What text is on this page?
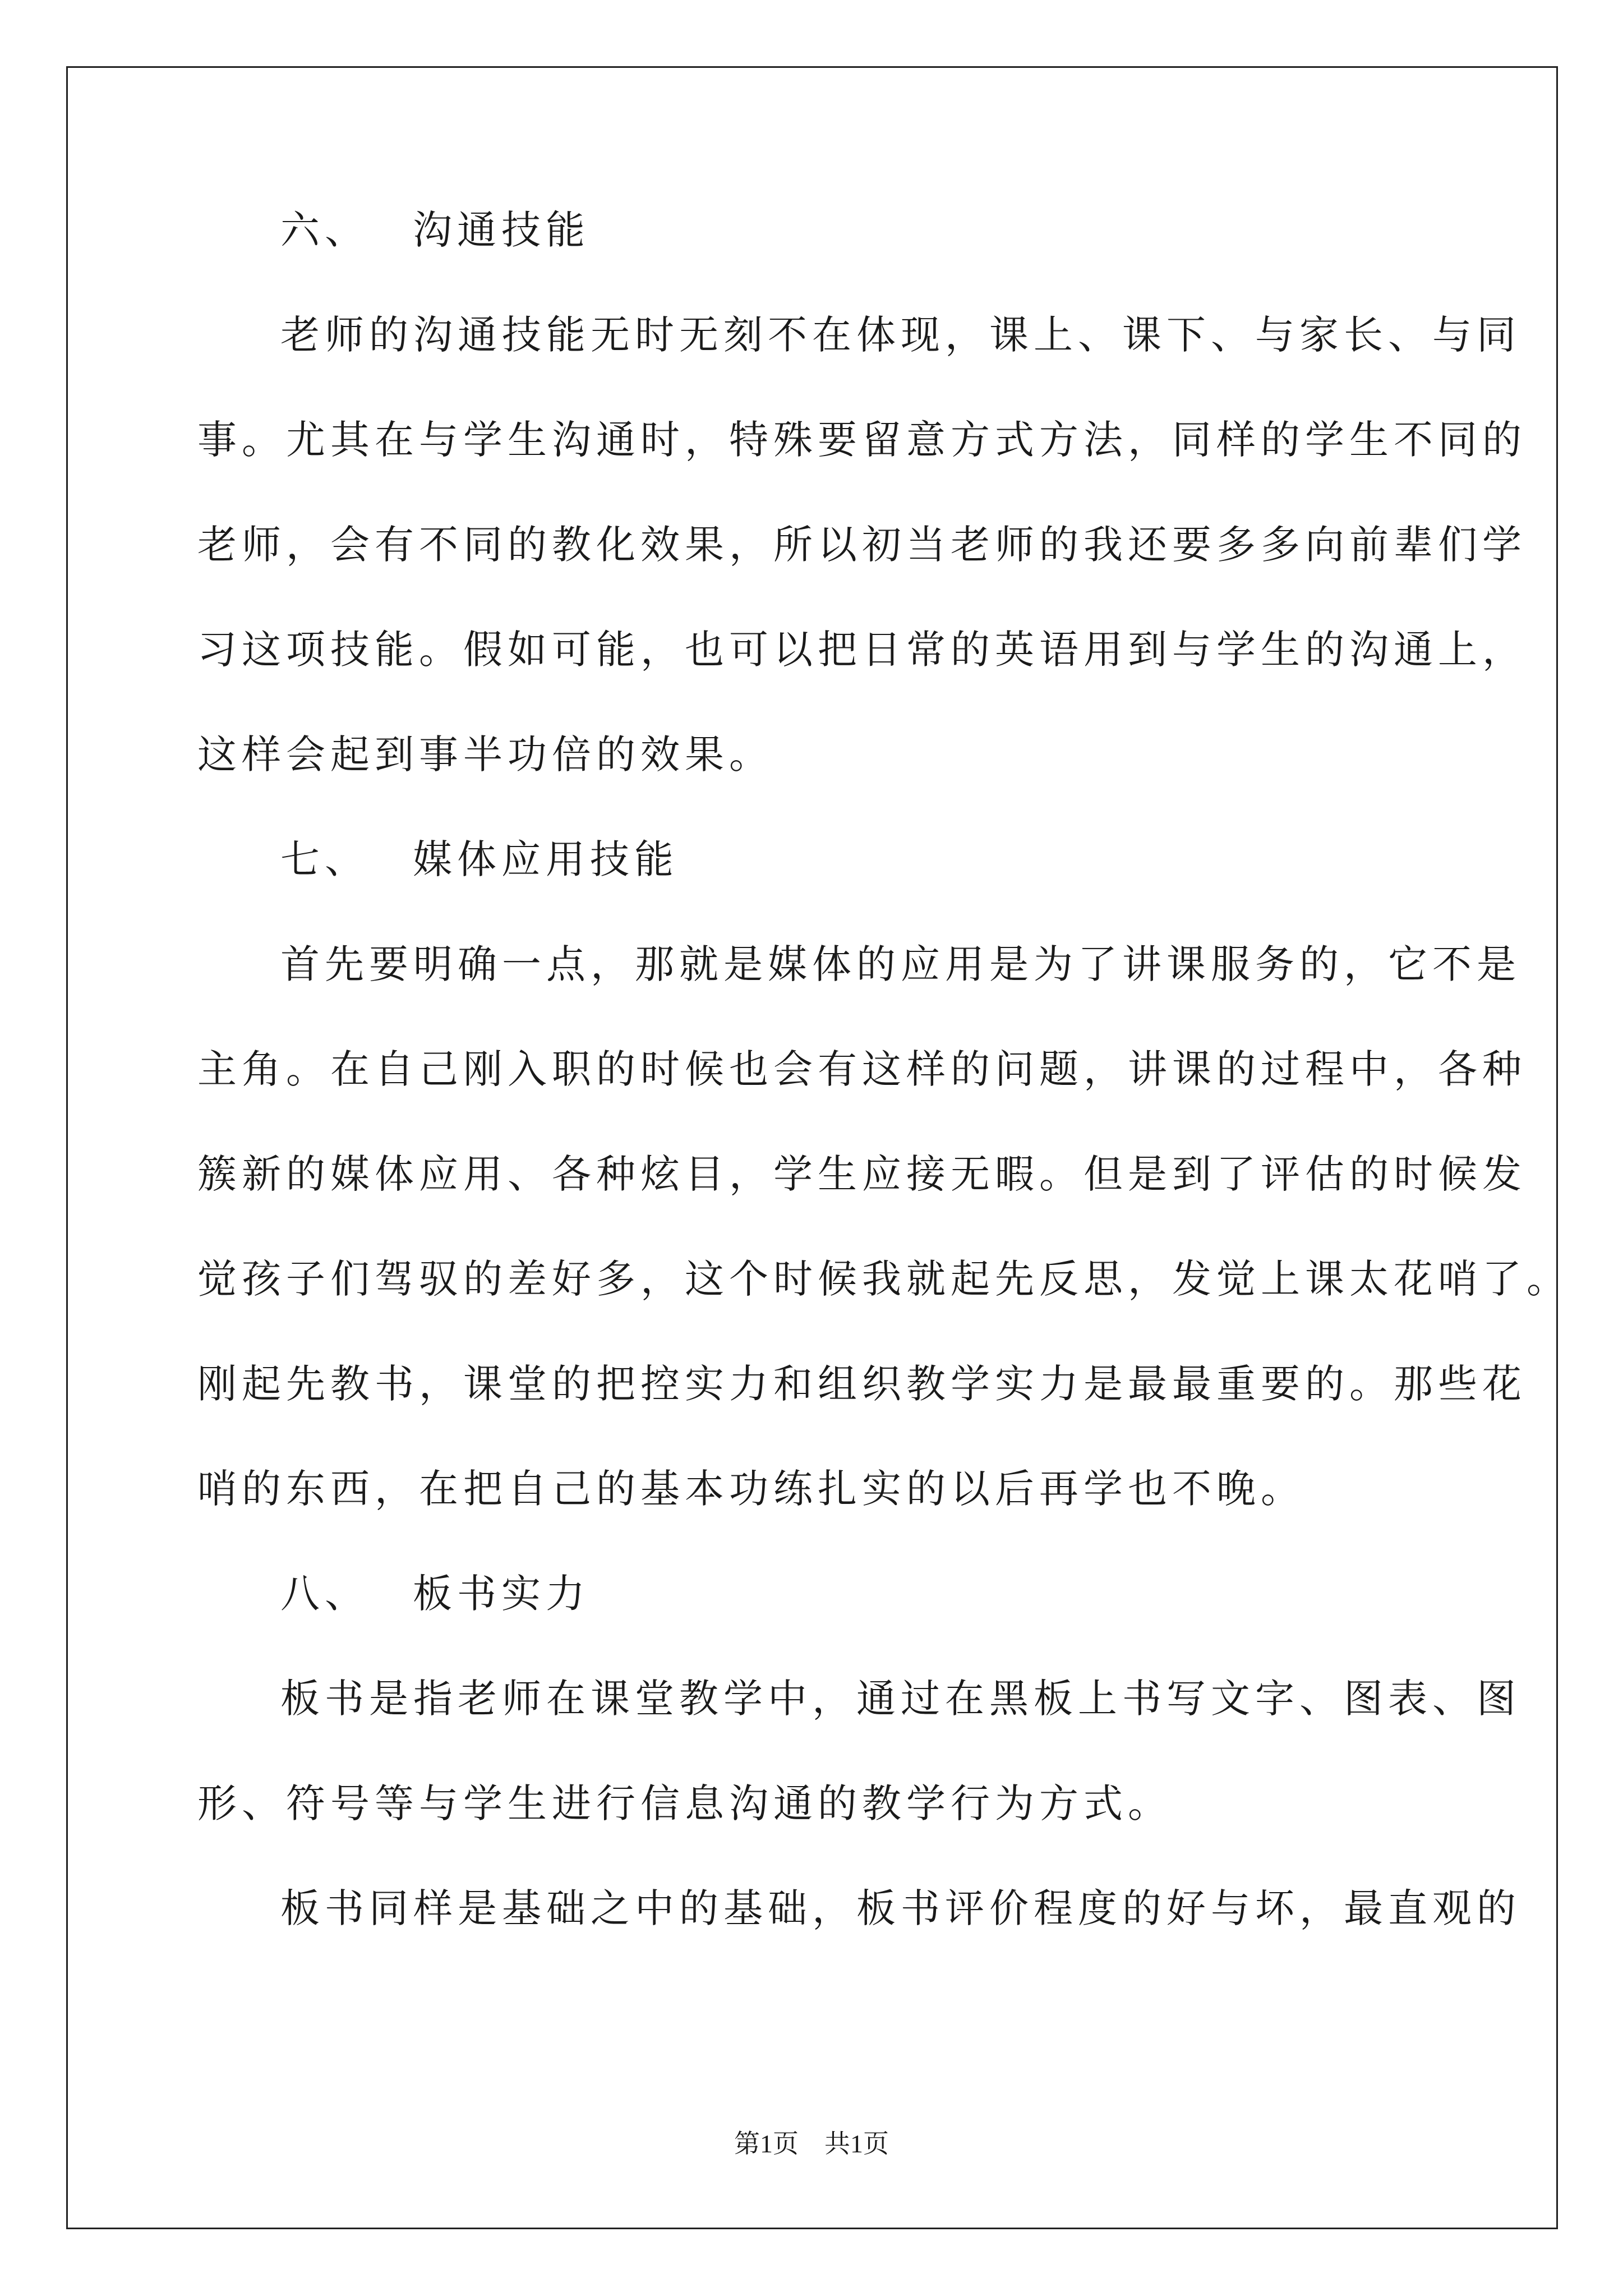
六、 沟通技能
老师的沟通技能无时无刻不在体现，课上、课下、与家长、与同
事。尤其在与学生沟通时，特殊要留意方式方法，同样的学生不同的
老师，会有不同的教化效果，所以初当老师的我还要多多向前辈们学
习这项技能。假如可能，也可以把日常的英语用到与学生的沟通上，
这样会起到事半功倍的效果。
七、 媒体应用技能
首先要明确一点，那就是媒体的应用是为了讲课服务的，它不是
主角。在自己刚入职的时候也会有这样的问题，讲课的过程中，各种
簇新的媒体应用、各种炫目，学生应接无暇。但是到了评估的时候发
觉孩子们驾驭的差好多，这个时候我就起先反思，发觉上课太花哨了。
刚起先教书，课堂的把控实力和组织教学实力是最最重要的。那些花
哨的东西，在把自己的基本功练扎实的以后再学也不晚。
八、 板书实力
板书是指老师在课堂教学中，通过在黑板上书写文字、图表、图
形、符号等与学生进行信息沟通的教学行为方式。
板书同样是基础之中的基础，板书评价程度的好与坏，最直观的
第1页 共1页
